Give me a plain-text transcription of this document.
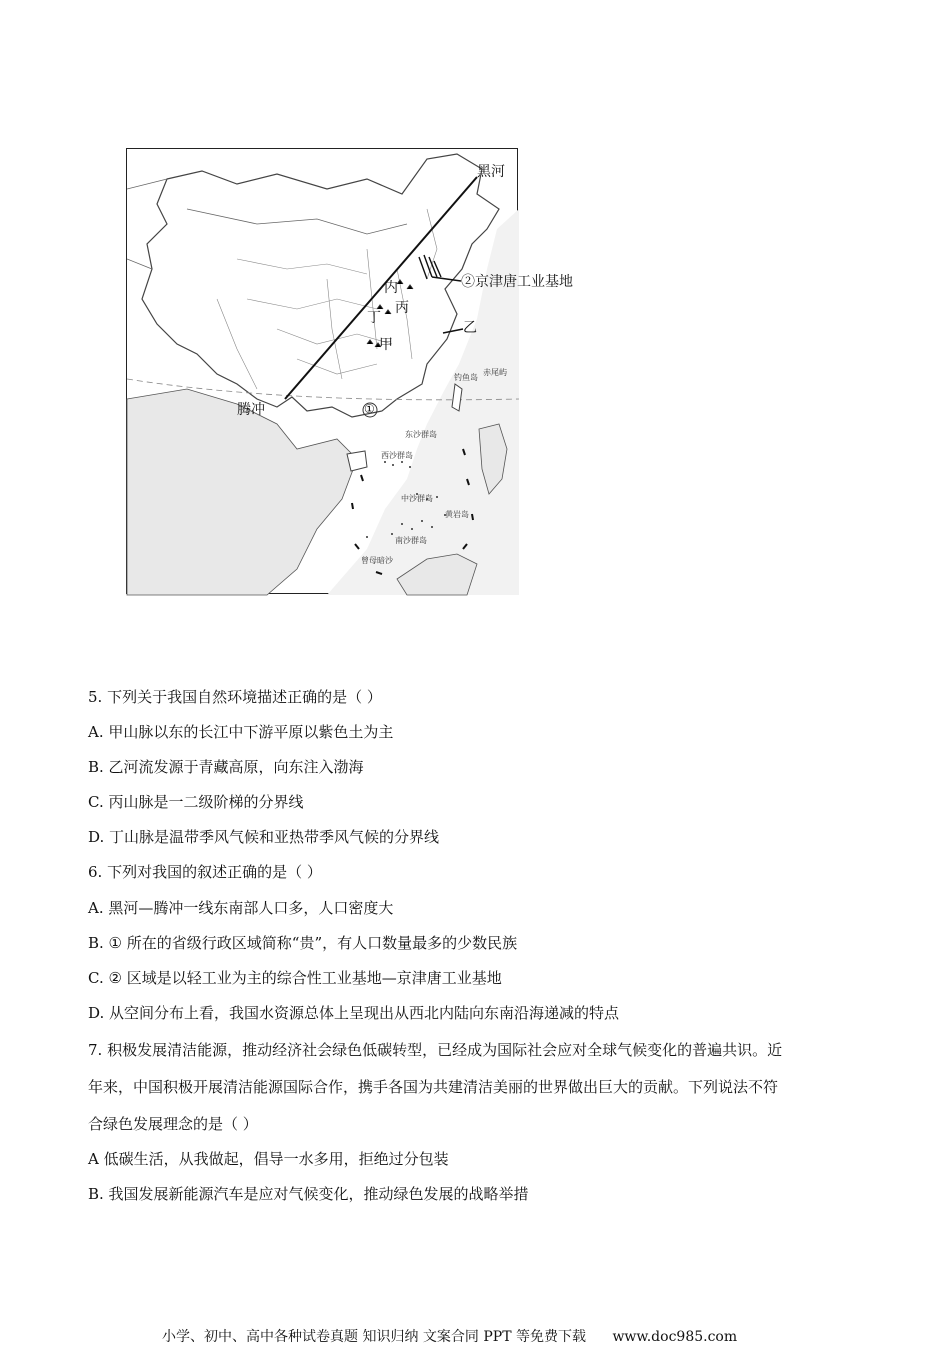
黑河
②京津唐工业基地
内
丙
丁
甲
乙
腾冲	①
钓鱼岛
赤尾屿
东沙群岛
西沙群岛
中沙群岛
黄岩岛
南沙群岛
曾母暗沙
5. 下列关于我国自然环境描述正确的是（ ）
A. 甲山脉以东的长江中下游平原以紫色土为主
B. 乙河流发源于青藏高原，向东注入渤海
C. 丙山脉是一二级阶梯的分界线
D. 丁山脉是温带季风气候和亚热带季风气候的分界线
6. 下列对我国的叙述正确的是（ ）
A. 黑河—腾冲一线东南部人口多，人口密度大
B. ① 所在的省级行政区域简称“贵”，有人口数量最多的少数民族
C. ② 区域是以轻工业为主的综合性工业基地—京津唐工业基地
D. 从空间分布上看，我国水资源总体上呈现出从西北内陆向东南沿海递减的特点
7. 积极发展清洁能源，推动经济社会绿色低碳转型，已经成为国际社会应对全球气候变化的普遍共识。近
年来，中国积极开展清洁能源国际合作，携手各国为共建清洁美丽的世界做出巨大的贡献。下列说法不符
合绿色发展理念的是（ ）
A 低碳生活，从我做起，倡导一水多用，拒绝过分包装
B. 我国发展新能源汽车是应对气候变化，推动绿色发展的战略举措
小学、初中、高中各种试卷真题 知识归纳 文案合同 PPT 等免费下载 www.doc985.com
